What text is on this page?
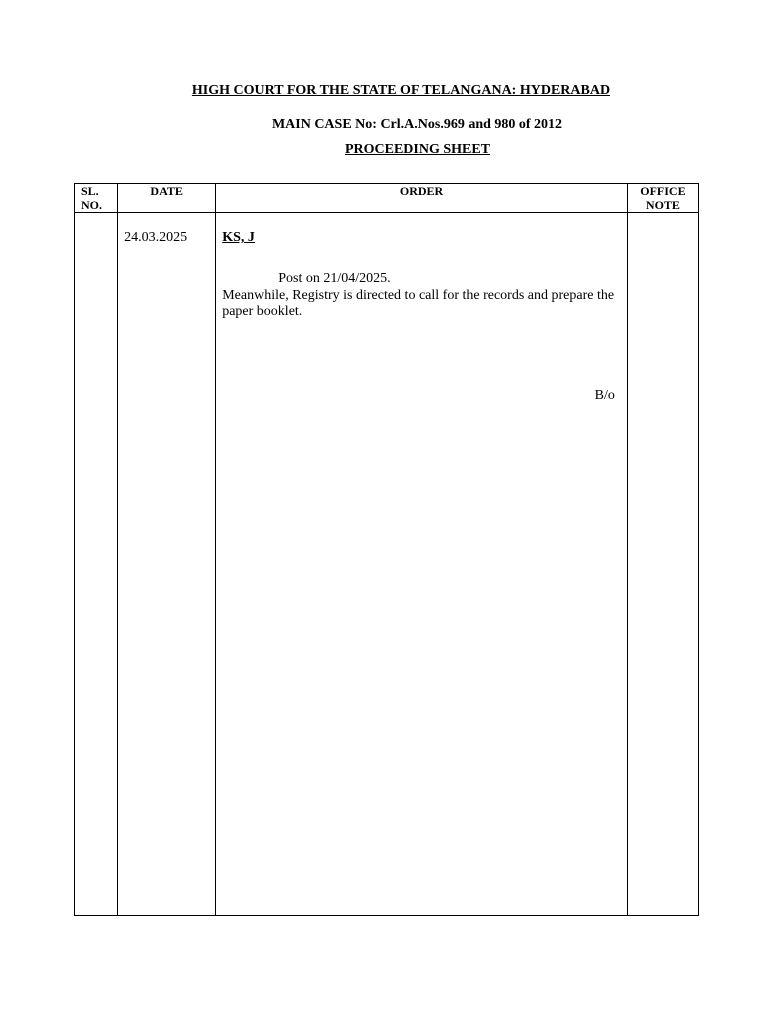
HIGH COURT FOR THE STATE OF TELANGANA: HYDERABAD
MAIN CASE No: Crl.A.Nos.969 and 980 of 2012
PROCEEDING SHEET
SL.
NO.	DATE	ORDER	OFFICE
NOTE
	24.03.2025	KS, J
Post on 21/04/2025.
Meanwhile, Registry is directed to call for the records and prepare the paper booklet.
B/o	
